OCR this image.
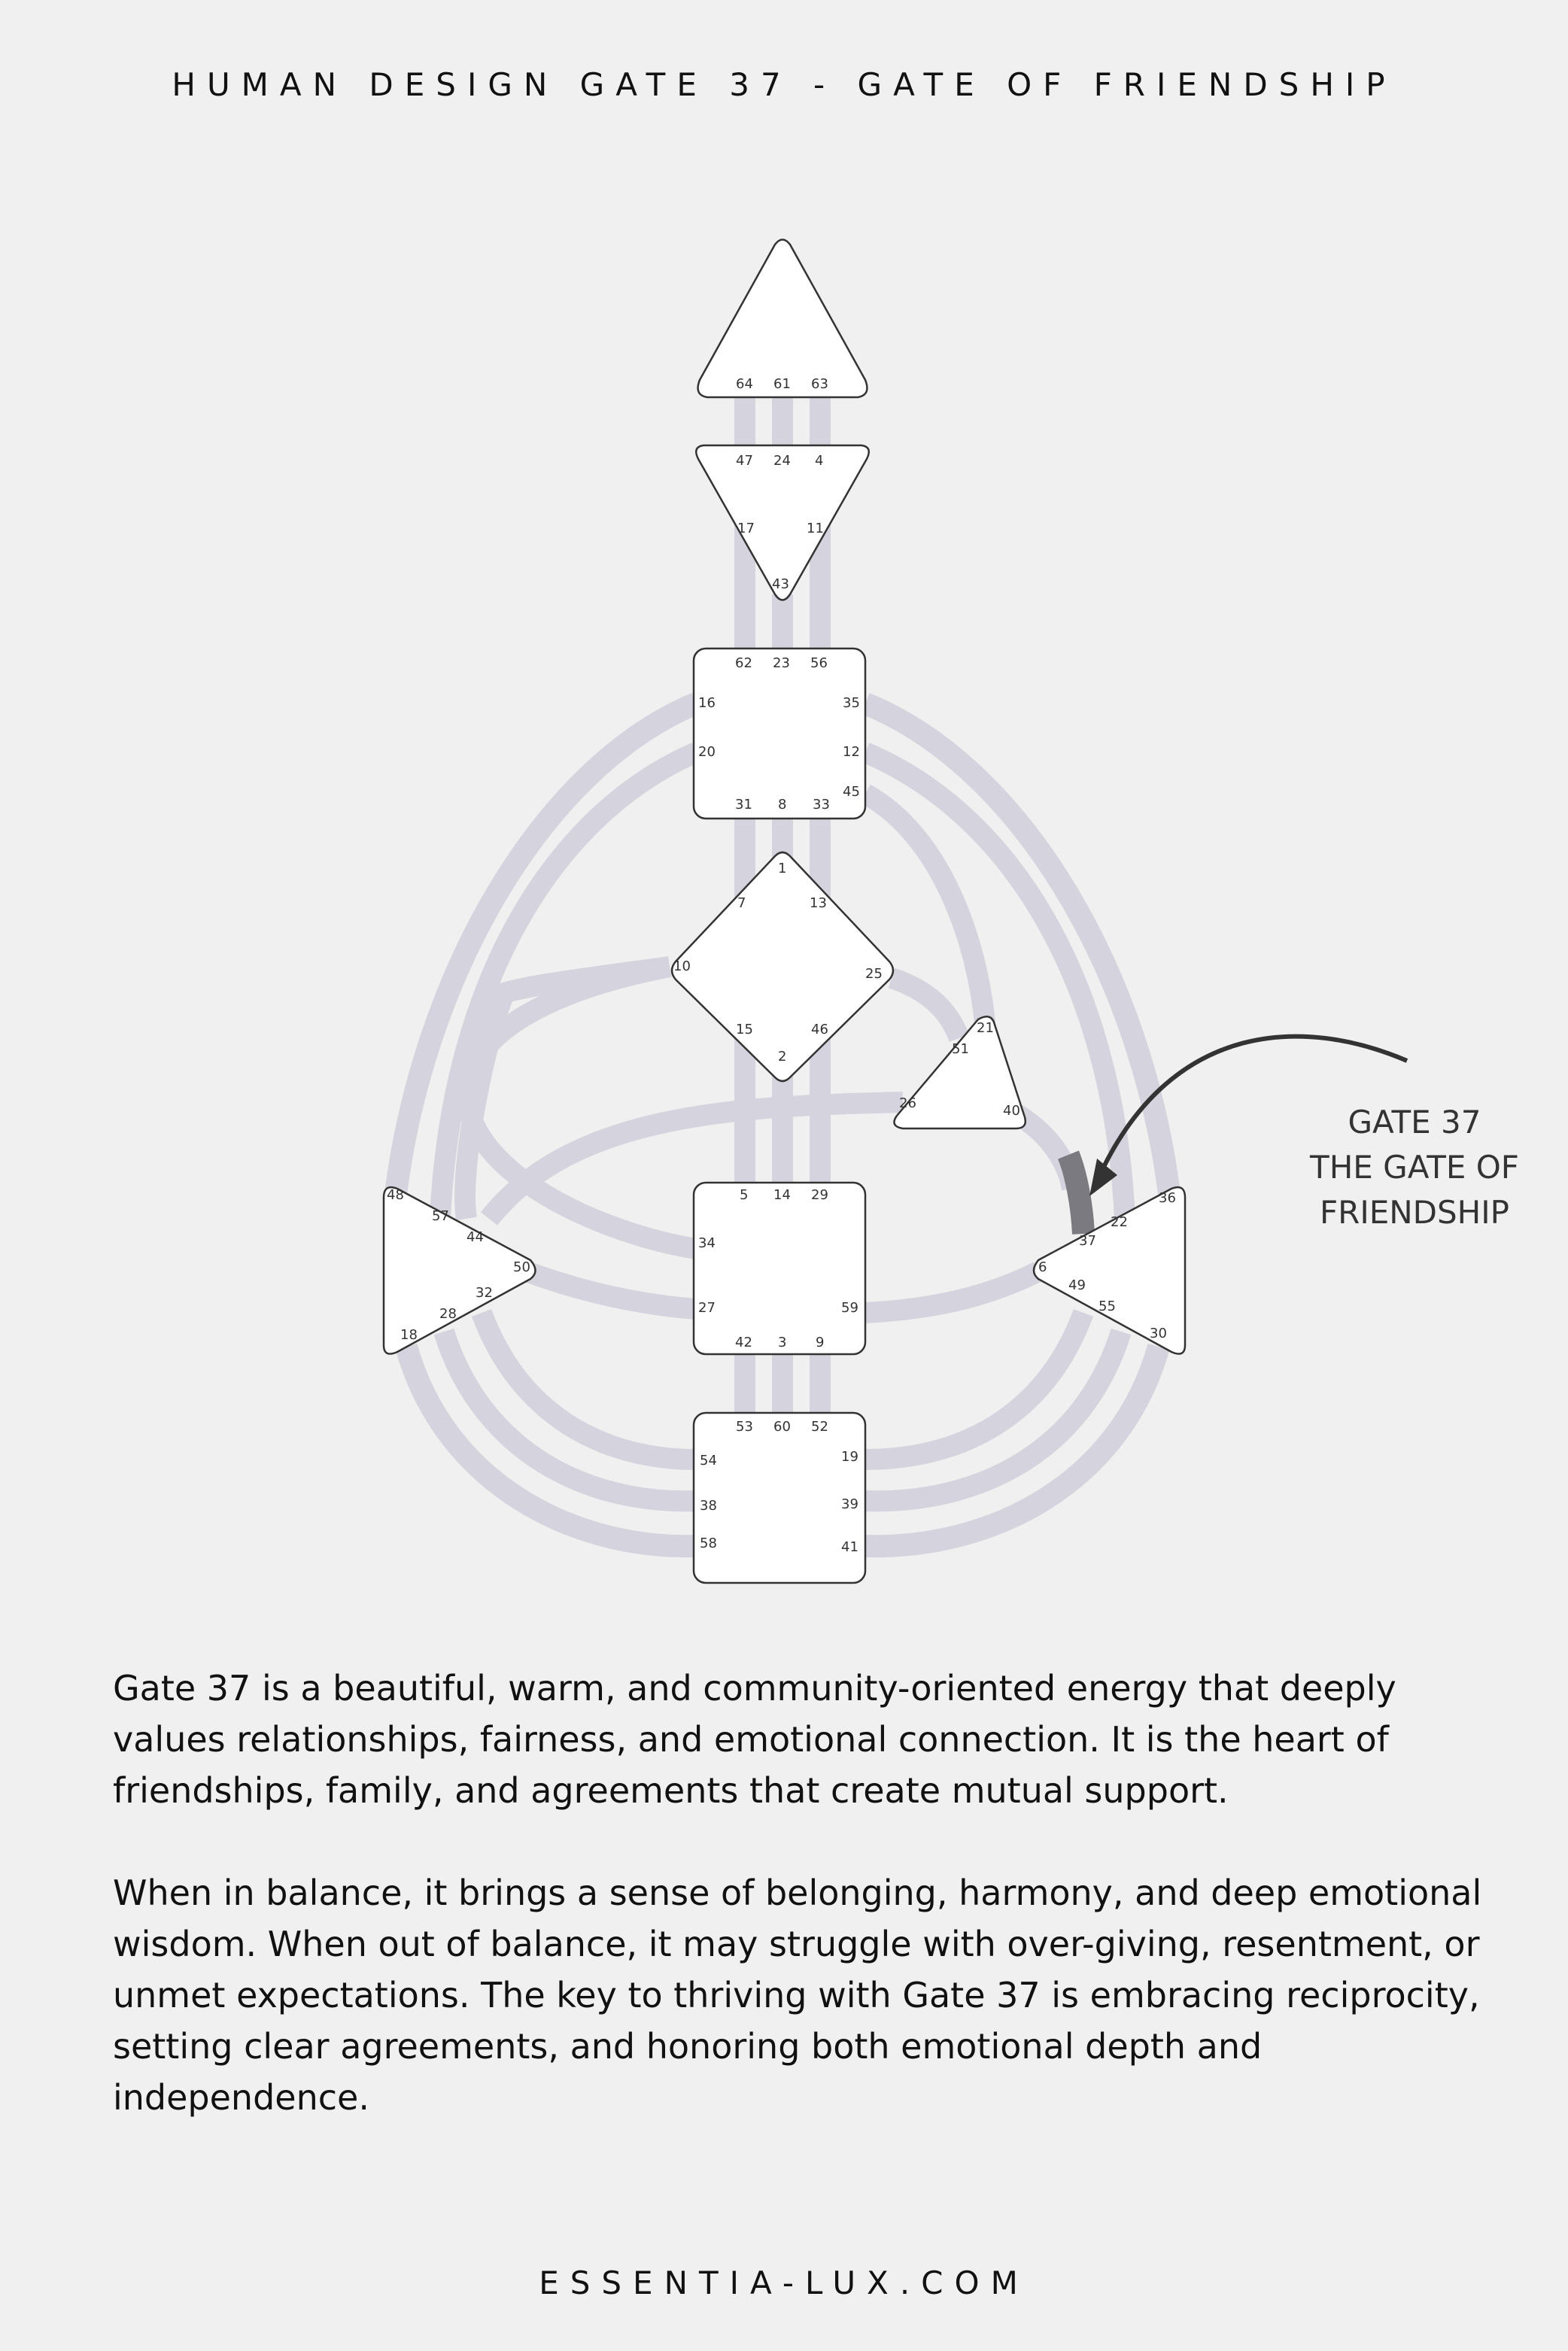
HUMAN DESIGN GATE 37 - GATE OF FRIENDSHIP
64 61 63
47 24 4
17	11
43
62 23 56
16	35
20	12
45
31 8 33
1
7	13
10	25
15	46
2
21
51
26	40
5 14 29
34
27	59
42 3 9
53 60 52
54	19
38	39
58	41
48
57
44
50
32
28
18
36
22
37
6
49
55
30
GATE 37
THE GATE OF
FRIENDSHIP

Gate 37 is a beautiful, warm, and community-oriented energy that deeply values relationships, fairness, and emotional connection. It is the heart of friendships, family, and agreements that create mutual support.

When in balance, it brings a sense of belonging, harmony, and deep emotional wisdom. When out of balance, it may struggle with over-giving, resentment, or unmet expectations. The key to thriving with Gate 37 is embracing reciprocity, setting clear agreements, and honoring both emotional depth and independence.

ESSENTIA-LUX.COM
